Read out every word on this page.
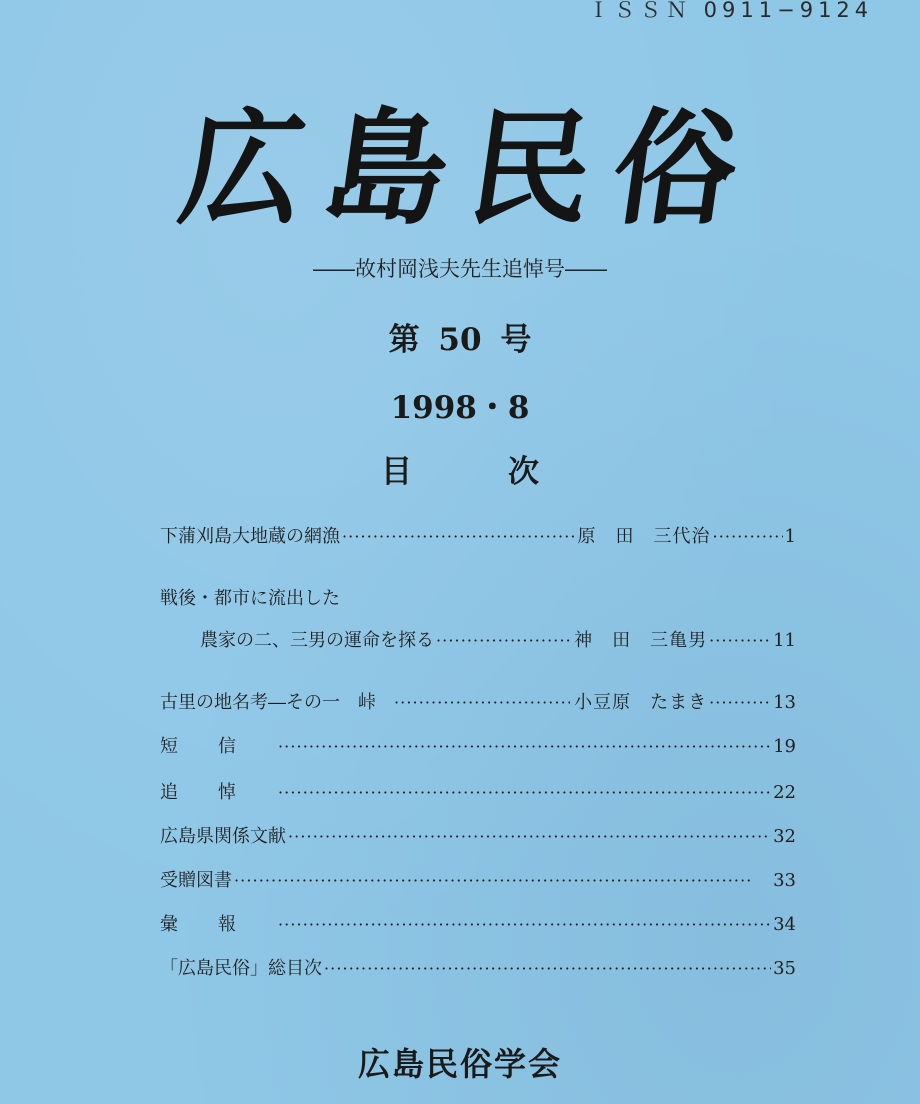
ＩＳＳＮ 0911−9124
広島民俗
――故村岡浅夫先生追悼号――
第 50 号
1998・8
目次
下蒲刈島大地蔵の網漁 · · ·	原　田　三代治 · · ·	1
戦後・都市に流出した
農家の二、三男の運命を探る · · ·	神　田　三亀男 · · ·	11
古里の地名考―その一　峠 · · ·	小豆原　たまき · · ·	13
短信 · · ·	19
追悼 · · ·	22
広島県関係文献 · · ·	32
受贈図書 · · ·	33
彙報 · · ·	34
「広島民俗」総目次 · · ·	35
広島民俗学会
